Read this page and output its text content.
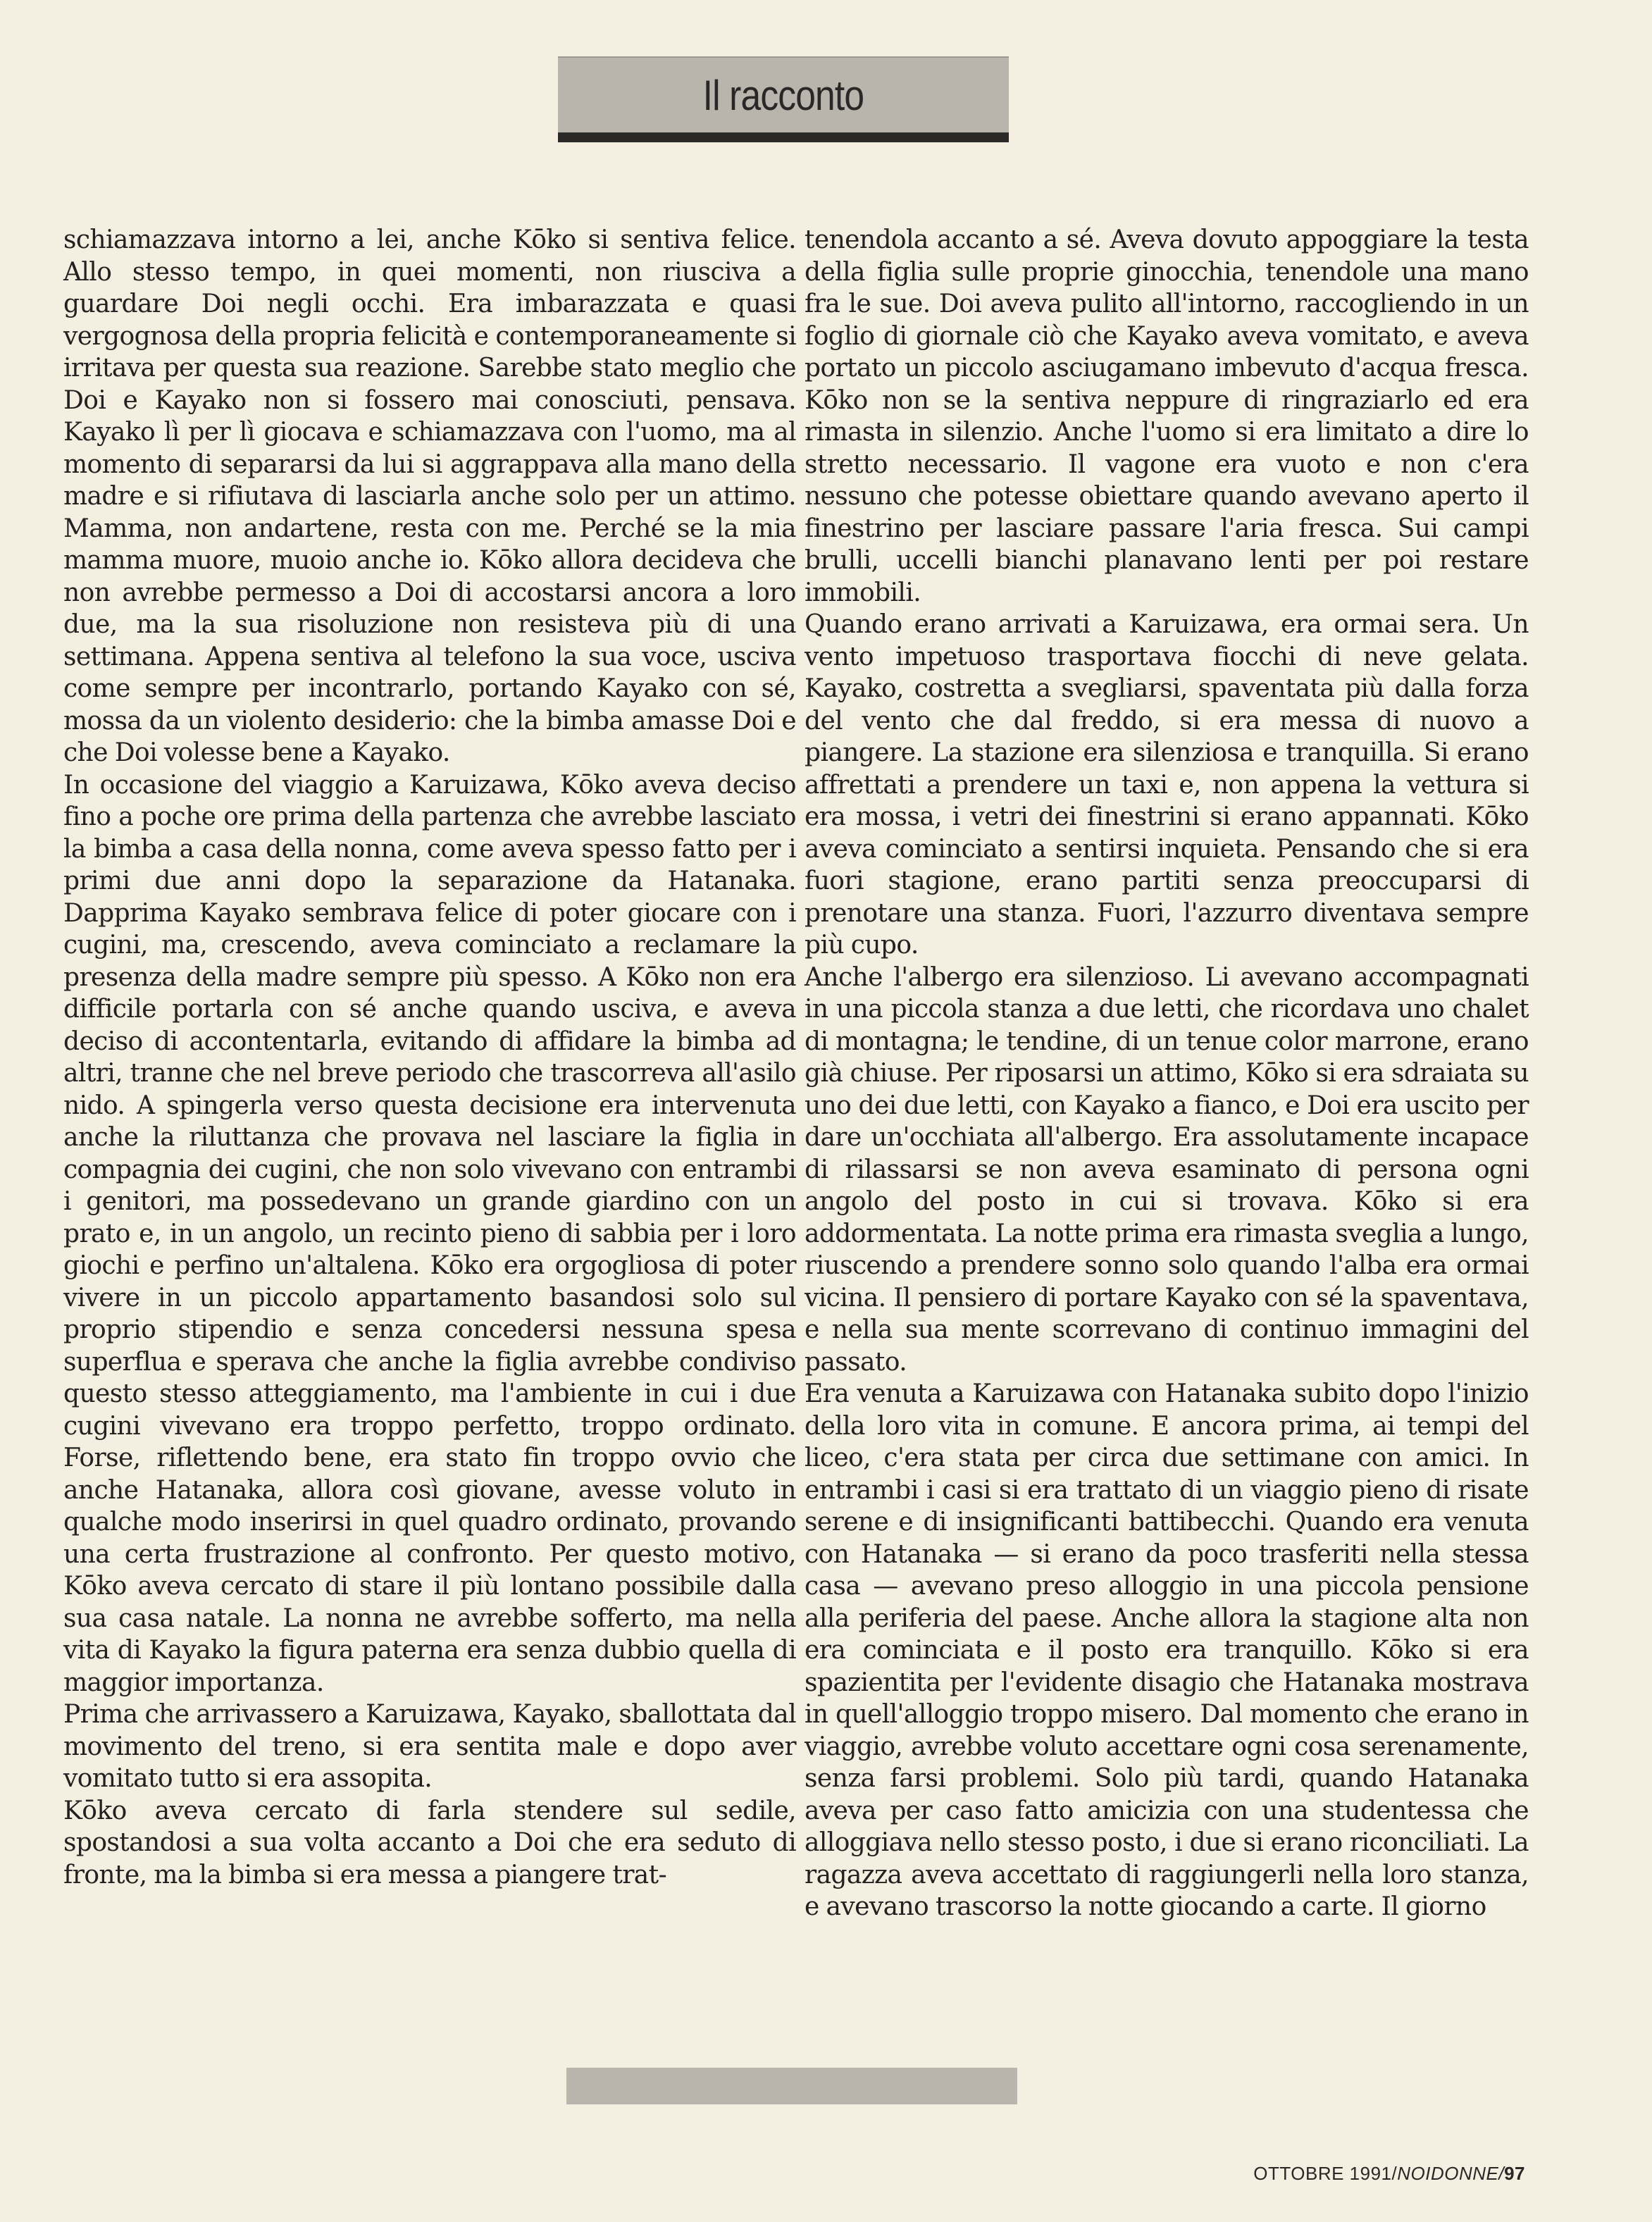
Il racconto

schiamazzava intorno a lei, anche Kōko si sentiva felice. Allo stesso tempo, in quei momenti, non riusciva a guardare Doi negli occhi. Era imbarazzata e quasi vergognosa della propria felicità e contemporaneamente si irritava per questa sua reazione. Sarebbe stato meglio che Doi e Kayako non si fossero mai conosciuti, pensava. Kayako lì per lì giocava e schiamazzava con l'uomo, ma al momento di separarsi da lui si aggrappava alla mano della madre e si rifiutava di lasciarla anche solo per un attimo. Mamma, non andartene, resta con me. Perché se la mia mamma muore, muoio anche io. Kōko allora decideva che non avrebbe permesso a Doi di accostarsi ancora a loro due, ma la sua risoluzione non resisteva più di una settimana. Appena sentiva al telefono la sua voce, usciva come sempre per incontrarlo, portando Kayako con sé, mossa da un violento desiderio: che la bimba amasse Doi e che Doi volesse bene a Kayako.

In occasione del viaggio a Karuizawa, Kōko aveva deciso fino a poche ore prima della partenza che avrebbe lasciato la bimba a casa della nonna, come aveva spesso fatto per i primi due anni dopo la separazione da Hatanaka. Dapprima Kayako sembrava felice di poter giocare con i cugini, ma, crescendo, aveva cominciato a reclamare la presenza della madre sempre più spesso. A Kōko non era difficile portarla con sé anche quando usciva, e aveva deciso di accontentarla, evitando di affidare la bimba ad altri, tranne che nel breve periodo che trascorreva all'asilo nido. A spingerla verso questa decisione era intervenuta anche la riluttanza che provava nel lasciare la figlia in compagnia dei cugini, che non solo vivevano con entrambi i genitori, ma possedevano un grande giardino con un prato e, in un angolo, un recinto pieno di sabbia per i loro giochi e perfino un'altalena. Kōko era orgogliosa di poter vivere in un piccolo appartamento basandosi solo sul proprio stipendio e senza concedersi nessuna spesa superflua e sperava che anche la figlia avrebbe condiviso questo stesso atteggiamento, ma l'ambiente in cui i due cugini vivevano era troppo perfetto, troppo ordinato. Forse, riflettendo bene, era stato fin troppo ovvio che anche Hatanaka, allora così giovane, avesse voluto in qualche modo inserirsi in quel quadro ordinato, provando una certa frustrazione al confronto. Per questo motivo, Kōko aveva cercato di stare il più lontano possibile dalla sua casa natale. La nonna ne avrebbe sofferto, ma nella vita di Kayako la figura paterna era senza dubbio quella di maggior importanza.

Prima che arrivassero a Karuizawa, Kayako, sballottata dal movimento del treno, si era sentita male e dopo aver vomitato tutto si era assopita.

Kōko aveva cercato di farla stendere sul sedile, spostandosi a sua volta accanto a Doi che era seduto di fronte, ma la bimba si era messa a piangere trat-

tenendola accanto a sé. Aveva dovuto appoggiare la testa della figlia sulle proprie ginocchia, tenendole una mano fra le sue. Doi aveva pulito all'intorno, raccogliendo in un foglio di giornale ciò che Kayako aveva vomitato, e aveva portato un piccolo asciugamano imbevuto d'acqua fresca. Kōko non se la sentiva neppure di ringraziarlo ed era rimasta in silenzio. Anche l'uomo si era limitato a dire lo stretto necessario. Il vagone era vuoto e non c'era nessuno che potesse obiettare quando avevano aperto il finestrino per lasciare passare l'aria fresca. Sui campi brulli, uccelli bianchi planavano lenti per poi restare immobili.

Quando erano arrivati a Karuizawa, era ormai sera. Un vento impetuoso trasportava fiocchi di neve gelata. Kayako, costretta a svegliarsi, spaventata più dalla forza del vento che dal freddo, si era messa di nuovo a piangere. La stazione era silenziosa e tranquilla. Si erano affrettati a prendere un taxi e, non appena la vettura si era mossa, i vetri dei finestrini si erano appannati. Kōko aveva cominciato a sentirsi inquieta. Pensando che si era fuori stagione, erano partiti senza preoccuparsi di prenotare una stanza. Fuori, l'azzurro diventava sempre più cupo.

Anche l'albergo era silenzioso. Li avevano accompagnati in una piccola stanza a due letti, che ricordava uno chalet di montagna; le tendine, di un tenue color marrone, erano già chiuse. Per riposarsi un attimo, Kōko si era sdraiata su uno dei due letti, con Kayako a fianco, e Doi era uscito per dare un'occhiata all'albergo. Era assolutamente incapace di rilassarsi se non aveva esaminato di persona ogni angolo del posto in cui si trovava. Kōko si era addormentata. La notte prima era rimasta sveglia a lungo, riuscendo a prendere sonno solo quando l'alba era ormai vicina. Il pensiero di portare Kayako con sé la spaventava, e nella sua mente scorrevano di continuo immagini del passato.

Era venuta a Karuizawa con Hatanaka subito dopo l'inizio della loro vita in comune. E ancora prima, ai tempi del liceo, c'era stata per circa due settimane con amici. In entrambi i casi si era trattato di un viaggio pieno di risate serene e di insignificanti battibecchi. Quando era venuta con Hatanaka — si erano da poco trasferiti nella stessa casa — avevano preso alloggio in una piccola pensione alla periferia del paese. Anche allora la stagione alta non era cominciata e il posto era tranquillo. Kōko si era spazientita per l'evidente disagio che Hatanaka mostrava in quell'alloggio troppo misero. Dal momento che erano in viaggio, avrebbe voluto accettare ogni cosa serenamente, senza farsi problemi. Solo più tardi, quando Hatanaka aveva per caso fatto amicizia con una studentessa che alloggiava nello stesso posto, i due si erano riconciliati. La ragazza aveva accettato di raggiungerli nella loro stanza, e avevano trascorso la notte giocando a carte. Il giorno

OTTOBRE 1991/NOIDONNE/97
